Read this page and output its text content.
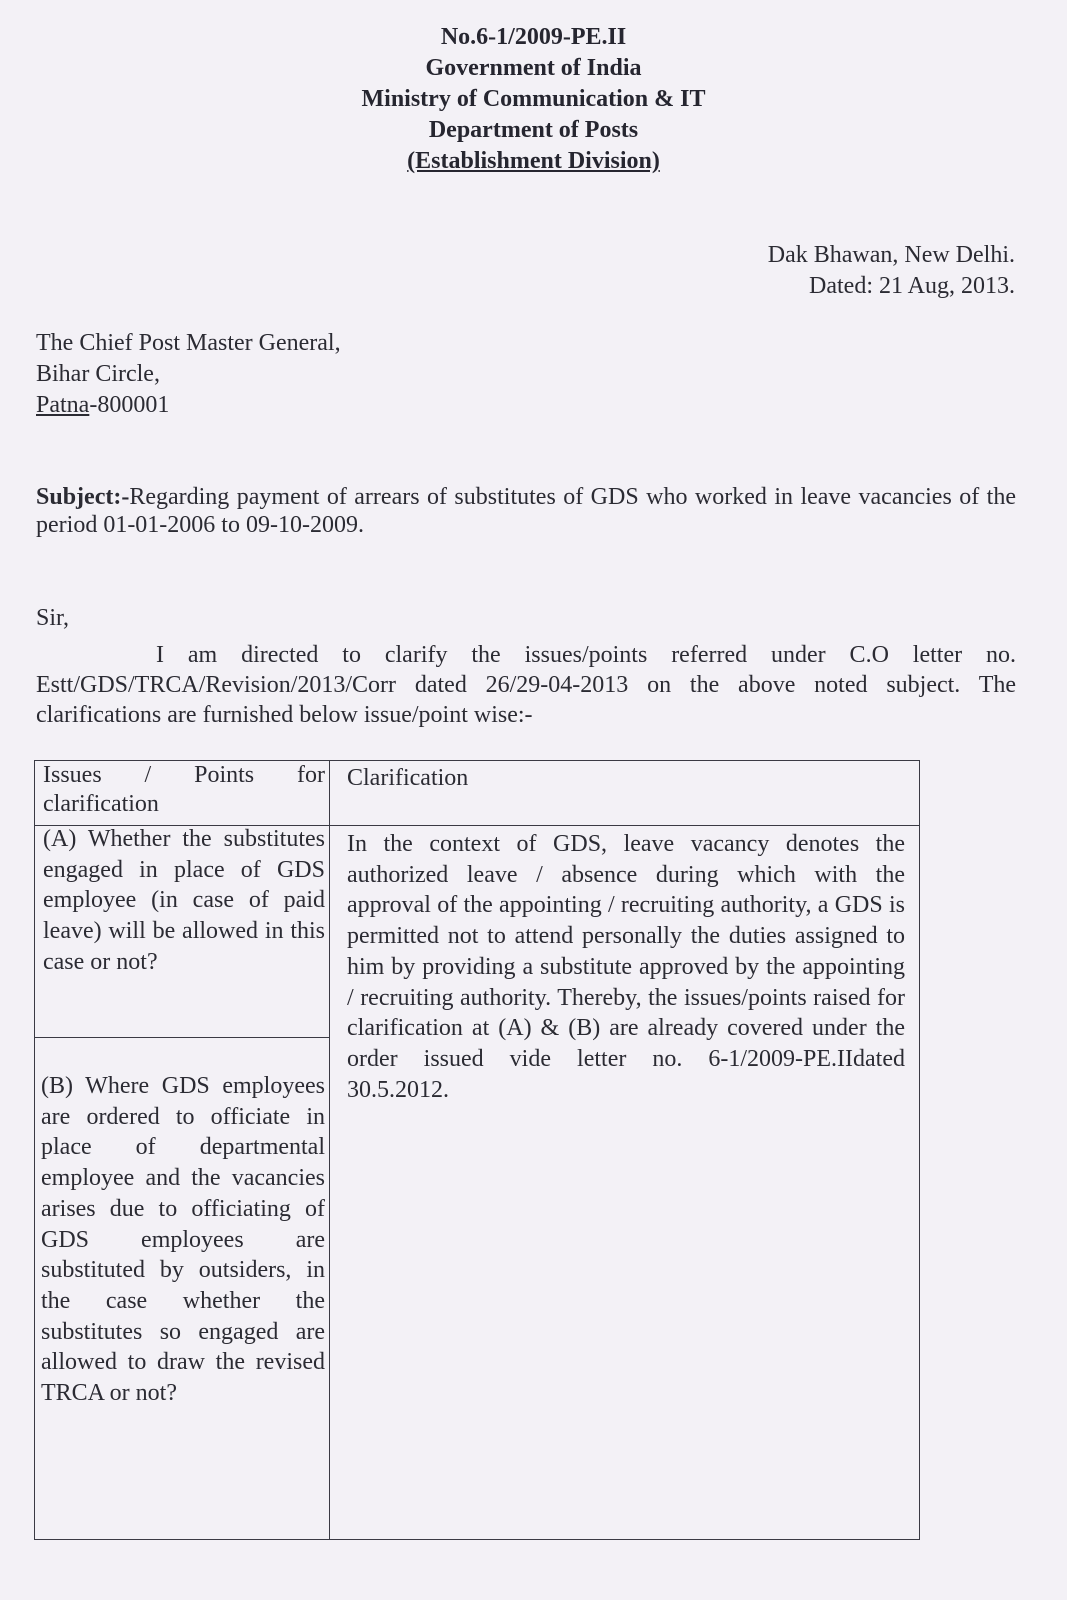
No.6-1/2009-PE.II
Government of India
Ministry of Communication & IT
Department of Posts
(Establishment Division)
Dak Bhawan, New Delhi.
Dated: 21 Aug, 2013.
The Chief Post Master General,
Bihar Circle,
Patna-800001
Subject:-Regarding payment of arrears of substitutes of GDS who worked in leave vacancies of the period 01-01-2006 to 09-10-2009.
Sir,
I am directed to clarify the issues/points referred under C.O letter no. Estt/GDS/TRCA/Revision/2013/Corr dated 26/29-04-2013 on the above noted subject. The clarifications are furnished below issue/point wise:-
Issues / Points for clarification
Clarification
(A) Whether the substitutes engaged in place of GDS employee (in case of paid leave) will be allowed in this case or not?
(B) Where GDS employees are ordered to officiate in place of departmental employee and the vacancies arises due to officiating of GDS employees are substituted by outsiders, in the case whether the substitutes so engaged are allowed to draw the revised TRCA or not?
In the context of GDS, leave vacancy denotes the authorized leave / absence during which with the approval of the appointing / recruiting authority, a GDS is permitted not to attend personally the duties assigned to him by providing a substitute approved by the appointing / recruiting authority. Thereby, the issues/points raised for clarification at (A) & (B) are already covered under the order issued vide letter no. 6-1/2009-PE.IIdated 30.5.2012.
